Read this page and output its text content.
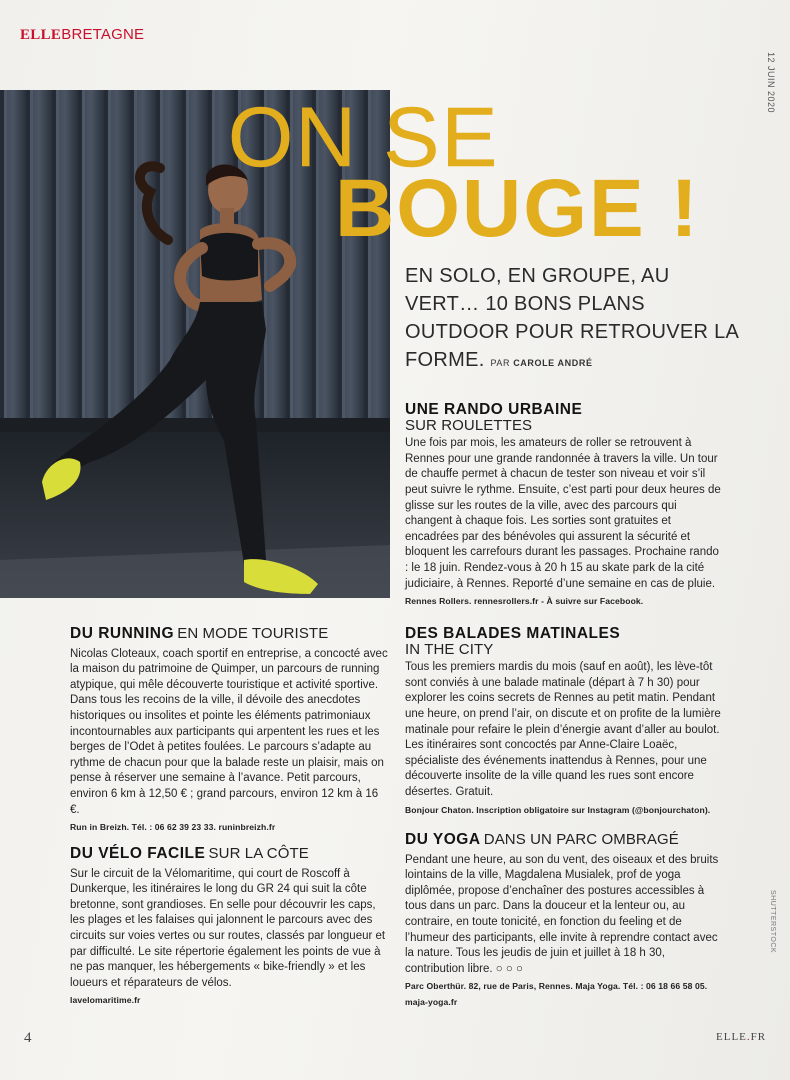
ELLEBRETAGNE
12 JUIN 2020
ON SE
BOUGE !
EN SOLO, EN GROUPE, AU VERT… 10 BONS PLANS OUTDOOR POUR RETROUVER LA FORME. PAR CAROLE ANDRÉ
UNE RANDO URBAINE
SUR ROULETTES

Une fois par mois, les amateurs de roller se retrouvent à Rennes pour une grande randonnée à travers la ville. Un tour de chauffe permet à chacun de tester son niveau et voir s’il peut suivre le rythme. Ensuite, c’est parti pour deux heures de glisse sur les routes de la ville, avec des parcours qui changent à chaque fois. Les sorties sont gratuites et encadrées par des bénévoles qui assurent la sécurité et bloquent les carrefours durant les passages. Prochaine rando : le 18 juin. Rendez-vous à 20 h 15 au skate park de la cité judiciaire, à Rennes. Reporté d’une semaine en cas de pluie.

Rennes Rollers. rennesrollers.fr - À suivre sur Facebook.
DU RUNNING EN MODE TOURISTE

Nicolas Cloteaux, coach sportif en entreprise, a concocté avec la maison du patrimoine de Quimper, un parcours de running atypique, qui mêle découverte touristique et activité sportive. Dans tous les recoins de la ville, il dévoile des anecdotes historiques ou insolites et pointe les éléments patrimoniaux incontournables aux participants qui arpentent les rues et les berges de l’Odet à petites foulées. Le parcours s’adapte au rythme de chacun pour que la balade reste un plaisir, mais on pense à réserver une semaine à l’avance. Petit parcours, environ 6 km à 12,50 € ; grand parcours, environ 12 km à 16 €.

Run in Breizh. Tél. : 06 62 39 23 33. runinbreizh.fr
DES BALADES MATINALES
IN THE CITY

Tous les premiers mardis du mois (sauf en août), les lève-tôt sont conviés à une balade matinale (départ à 7 h 30) pour explorer les coins secrets de Rennes au petit matin. Pendant une heure, on prend l’air, on discute et on profite de la lumière matinale pour refaire le plein d’énergie avant d’aller au boulot. Les itinéraires sont concoctés par Anne-Claire Loaëc, spécialiste des événements inattendus à Rennes, pour une découverte insolite de la ville quand les rues sont encore désertes. Gratuit.

Bonjour Chaton. Inscription obligatoire sur Instagram (@bonjourchaton).
DU VÉLO FACILE SUR LA CÔTE

Sur le circuit de la Vélomaritime, qui court de Roscoff à Dunkerque, les itinéraires le long du GR 24 qui suit la côte bretonne, sont grandioses. En selle pour découvrir les caps, les plages et les falaises qui jalonnent le parcours avec des circuits sur voies vertes ou sur routes, classés par longueur et par difficulté. Le site répertorie également les points de vue à ne pas manquer, les hébergements « bike-friendly » et les loueurs et réparateurs de vélos.

lavelomaritime.fr
DU YOGA DANS UN PARC OMBRAGÉ

Pendant une heure, au son du vent, des oiseaux et des bruits lointains de la ville, Magdalena Musialek, prof de yoga diplômée, propose d’enchaîner des postures accessibles à tous dans un parc. Dans la douceur et la lenteur ou, au contraire, en toute tonicité, en fonction du feeling et de l’humeur des participants, elle invite à reprendre contact avec la nature. Tous les jeudis de juin et juillet à 18 h 30, contribution libre. ○ ○ ○

Parc Oberthür. 82, rue de Paris, Rennes. Maja Yoga. Tél. : 06 18 66 58 05. maja-yoga.fr
SHUTTERSTOCK
4	ELLE.FR
